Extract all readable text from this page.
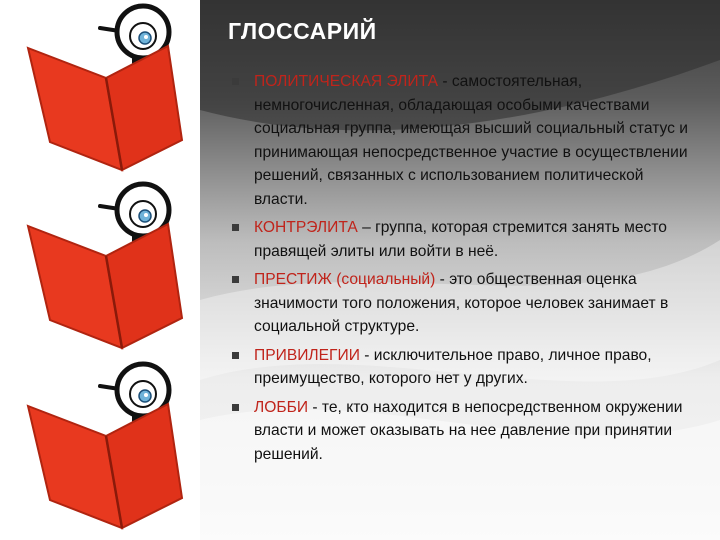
ГЛОССАРИЙ
ПОЛИТИЧЕСКАЯ ЭЛИТА - самостоятельная, немногочисленная, обладающая особыми качествами социальная группа, имеющая высший социальный статус и принимающая непосредственное участие в осуществлении решений, связанных с использованием политической власти.
КОНТРЭЛИТА – группа, которая стремится занять место правящей элиты или войти в неё.
ПРЕСТИЖ (социальный) - это общественная оценка значимости того положения, которое человек занимает в социальной структуре.
ПРИВИЛЕГИИ - исключительное право, личное право, преимущество, которого нет у других.
ЛОББИ - те, кто находится в непосредственном окружении власти и может оказывать на нее давление при принятии решений.
